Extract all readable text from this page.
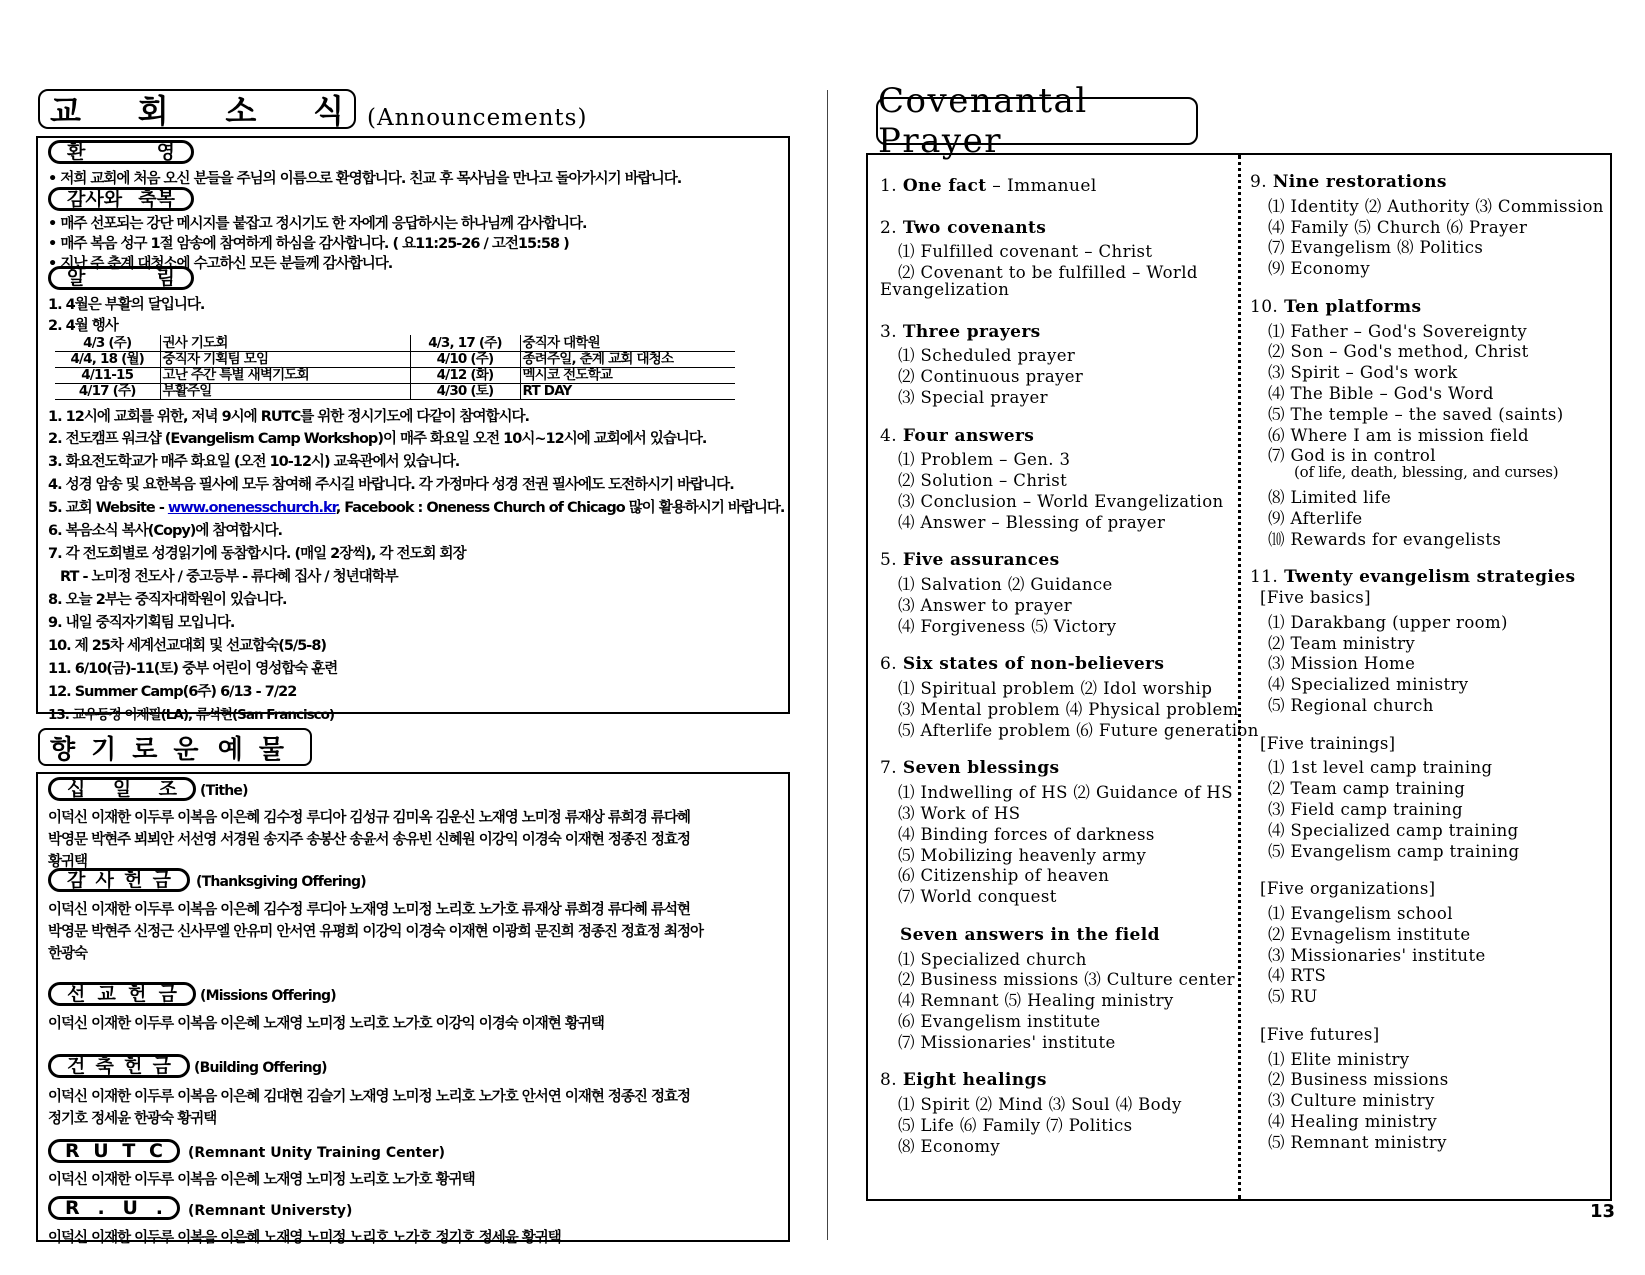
교 회 소 식 (Announcements)
환	영
• 저희 교회에 처음 오신 분들을 주님의 이름으로 환영합니다. 친교 후 목사님을 만나고 돌아가시기 바랍니다.
감사와 축복
• 매주 선포되는 강단 메시지를 붙잡고 정시기도 한 자에게 응답하시는 하나님께 감사합니다.
• 매주 복음 성구 1절 암송에 참여하게 하심을 감사합니다. ( 요11:25-26 / 고전15:58 )
• 지난 주 춘계 대청소에 수고하신 모든 분들께 감사합니다.
알	림
1. 4월은 부활의 달입니다.
2. 4월 행사
4/3 (주)	권사 기도회	4/3, 17 (주)	중직자 대학원
4/4, 18 (월)	중직자 기획팀 모임	4/10 (주)	종려주일, 춘계 교회 대청소
4/11-15	고난 주간 특별 새벽기도회	4/12 (화)	멕시코 전도학교
4/17 (주)	부활주일	4/30 (토)	RT DAY
1. 12시에 교회를 위한, 저녁 9시에 RUTC를 위한 정시기도에 다같이 참여합시다.
2. 전도캠프 워크샵 (Evangelism Camp Workshop)이 매주 화요일 오전 10시~12시에 교회에서 있습니다.
3. 화요전도학교가 매주 화요일 (오전 10-12시) 교육관에서 있습니다.
4. 성경 암송 및 요한복음 필사에 모두 참여해 주시길 바랍니다. 각 가정마다 성경 전권 필사에도 도전하시기 바랍니다.
5. 교회 Website - www.onenesschurch.kr, Facebook : Oneness Church of Chicago 많이 활용하시기 바랍니다.
6. 복음소식 복사(Copy)에 참여합시다.
7. 각 전도회별로 성경읽기에 동참합시다. (매일 2장씩), 각 전도회 회장
RT - 노미정 전도사 / 중고등부 - 류다혜 집사 / 청년대학부
8. 오늘 2부는 중직자대학원이 있습니다.
9. 내일 중직자기획팀 모입니다.
10. 제 25차 세계선교대회 및 선교합숙(5/5-8)
11. 6/10(금)-11(토) 중부 어린이 영성합숙 훈련
12. Summer Camp(6주) 6/13 - 7/22
13. 교우동정 이재필(LA), 류석현(San Francisco)
향 기 로 운 예 물
십 일 조 (Tithe)
이덕신 이재한 이두루 이복음 이은혜 김수정 루디아 김성규 김미옥 김운신 노재영 노미정 류재상 류희경 류다혜
박영문 박현주 뵈뵈안 서선영 서경원 송지주 송봉산 송윤서 송유빈 신혜원 이강익 이경숙 이재현 정종진 정효정
황귀택
감 사 헌 금 (Thanksgiving Offering)
이덕신 이재한 이두루 이복음 이은혜 김수정 루디아 노재영 노미정 노리호 노가호 류재상 류희경 류다혜 류석현
박영문 박현주 신정근 신사무엘 안유미 안서연 유평희 이강익 이경숙 이재현 이광희 문진희 정종진 정효정 최정아
한광숙
선 교 헌 금 (Missions Offering)
이덕신 이재한 이두루 이복음 이은혜 노재영 노미정 노리호 노가호 이강익 이경숙 이재현 황귀택
건 축 헌 금 (Building Offering)
이덕신 이재한 이두루 이복음 이은혜 김대현 김슬기 노재영 노미정 노리호 노가호 안서연 이재현 정종진 정효정
정기호 정세윤 한광숙 황귀택
R U T C (Remnant Unity Training Center)
이덕신 이재한 이두루 이복음 이은혜 노재영 노미정 노리호 노가호 황귀택
R . U . (Remnant Universty)
이덕신 이재한 이두루 이복음 이은혜 노재영 노미정 노리호 노가호 정기호 정세윤 황귀택
Covenantal Prayer
1. One fact – Immanuel
2. Two covenants
⑴ Fulfilled covenant – Christ
⑵ Covenant to be fulfilled – World
Evangelization
3. Three prayers
⑴ Scheduled prayer
⑵ Continuous prayer
⑶ Special prayer
4. Four answers
⑴ Problem – Gen. 3
⑵ Solution – Christ
⑶ Conclusion – World Evangelization
⑷ Answer – Blessing of prayer
5. Five assurances
⑴ Salvation ⑵ Guidance
⑶ Answer to prayer
⑷ Forgiveness ⑸ Victory
6. Six states of non-believers
⑴ Spiritual problem ⑵ Idol worship
⑶ Mental problem ⑷ Physical problem
⑸ Afterlife problem ⑹ Future generation
7. Seven blessings
⑴ Indwelling of HS ⑵ Guidance of HS
⑶ Work of HS
⑷ Binding forces of darkness
⑸ Mobilizing heavenly army
⑹ Citizenship of heaven
⑺ World conquest
Seven answers in the field
⑴ Specialized church
⑵ Business missions ⑶ Culture center
⑷ Remnant ⑸ Healing ministry
⑹ Evangelism institute
⑺ Missionaries' institute
8. Eight healings
⑴ Spirit ⑵ Mind ⑶ Soul ⑷ Body
⑸ Life ⑹ Family ⑺ Politics
⑻ Economy
9. Nine restorations
⑴ Identity ⑵ Authority ⑶ Commission
⑷ Family ⑸ Church ⑹ Prayer
⑺ Evangelism ⑻ Politics
⑼ Economy
10. Ten platforms
⑴ Father – God's Sovereignty
⑵ Son – God's method, Christ
⑶ Spirit – God's work
⑷ The Bible – God's Word
⑸ The temple – the saved (saints)
⑹ Where I am is mission field
⑺ God is in control
(of life, death, blessing, and curses)
⑻ Limited life
⑼ Afterlife
⑽ Rewards for evangelists
11. Twenty evangelism strategies
[Five basics]
⑴ Darakbang (upper room)
⑵ Team ministry
⑶ Mission Home
⑷ Specialized ministry
⑸ Regional church
[Five trainings]
⑴ 1st level camp training
⑵ Team camp training
⑶ Field camp training
⑷ Specialized camp training
⑸ Evangelism camp training
[Five organizations]
⑴ Evangelism school
⑵ Evnagelism institute
⑶ Missionaries' institute
⑷ RTS
⑸ RU
[Five futures]
⑴ Elite ministry
⑵ Business missions
⑶ Culture ministry
⑷ Healing ministry
⑸ Remnant ministry
13
